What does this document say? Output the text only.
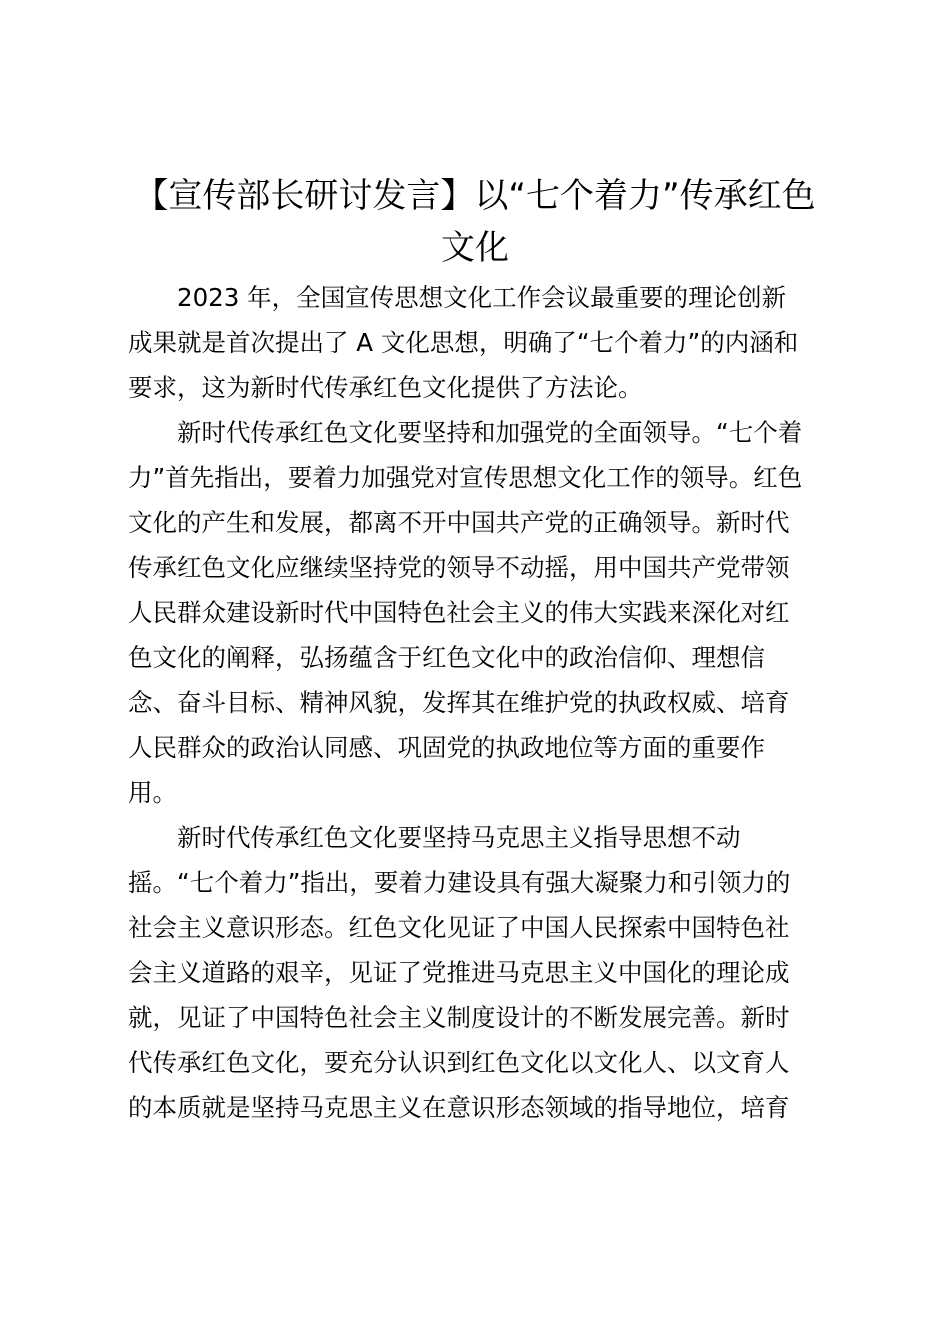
【宣传部长研讨发言】以“七个着力”传承红色
文化

　　2023 年，全国宣传思想文化工作会议最重要的理论创新

成果就是首次提出了 A 文化思想，明确了“七个着力”的内涵和

要求，这为新时代传承红色文化提供了方法论。

　　新时代传承红色文化要坚持和加强党的全面领导。“七个着

力”首先指出，要着力加强党对宣传思想文化工作的领导。红色

文化的产生和发展，都离不开中国共产党的正确领导。新时代

传承红色文化应继续坚持党的领导不动摇，用中国共产党带领

人民群众建设新时代中国特色社会主义的伟大实践来深化对红

色文化的阐释，弘扬蕴含于红色文化中的政治信仰、理想信

念、奋斗目标、精神风貌，发挥其在维护党的执政权威、培育

人民群众的政治认同感、巩固党的执政地位等方面的重要作

用。

　　新时代传承红色文化要坚持马克思主义指导思想不动

摇。“七个着力”指出，要着力建设具有强大凝聚力和引领力的

社会主义意识形态。红色文化见证了中国人民探索中国特色社

会主义道路的艰辛，见证了党推进马克思主义中国化的理论成

就，见证了中国特色社会主义制度设计的不断发展完善。新时

代传承红色文化，要充分认识到红色文化以文化人、以文育人

的本质就是坚持马克思主义在意识形态领域的指导地位，培育
